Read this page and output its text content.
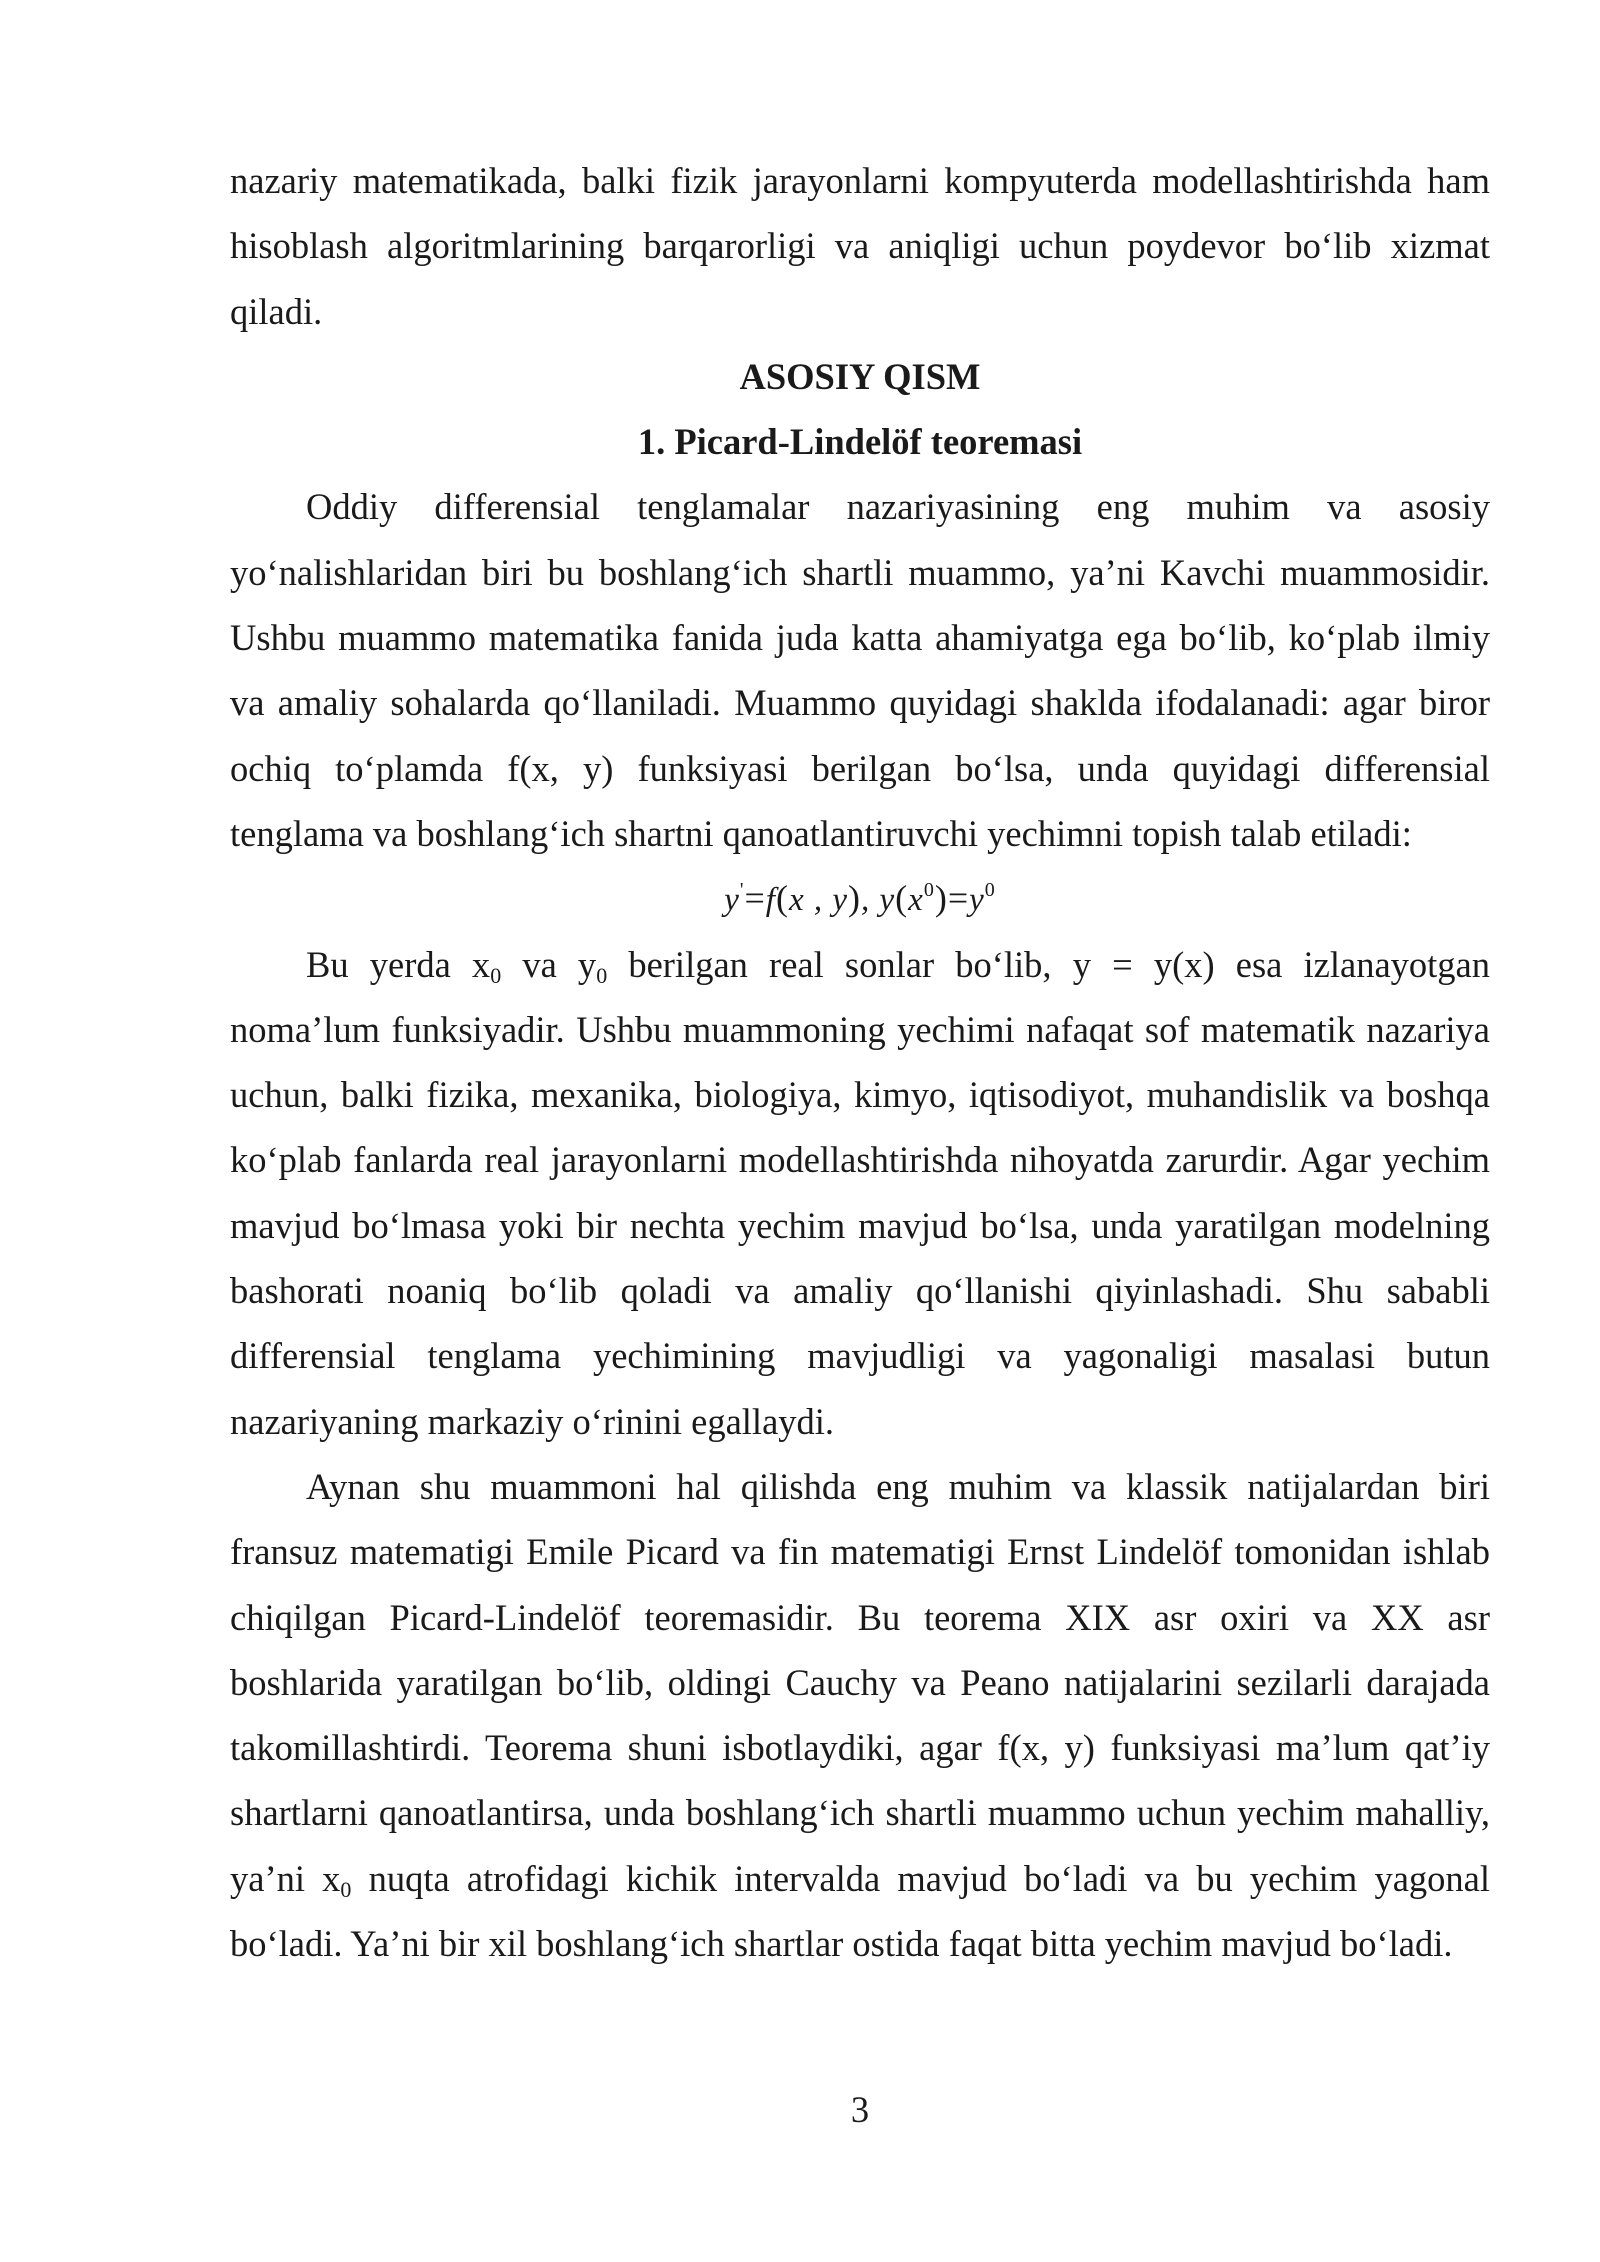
nazariy matematikada, balki fizik jarayonlarni kompyuterda modellashtirishda ham hisoblash algoritmlarining barqarorligi va aniqligi uchun poydevor bo‘lib xizmat qiladi.

ASOSIY QISM

1. Picard-Lindelöf teoremasi

Oddiy differensial tenglamalar nazariyasining eng muhim va asosiy yo‘nalishlaridan biri bu boshlang‘ich shartli muammo, ya’ni Kavchi muammosidir. Ushbu muammo matematika fanida juda katta ahamiyatga ega bo‘lib, ko‘plab ilmiy va amaliy sohalarda qo‘llaniladi. Muammo quyidagi shaklda ifodalanadi: agar biror ochiq to‘plamda f(x, y) funksiyasi berilgan bo‘lsa, unda quyidagi differensial tenglama va boshlang‘ich shartni qanoatlantiruvchi yechimni topish talab etiladi:

y'=f(x , y), $y(x^0)=y^0$

Bu yerda $x_0$ va $y_0$ berilgan real sonlar bo‘lib, y = y(x) esa izlanayotgan noma’lum funksiyadir. Ushbu muammoning yechimi nafaqat sof matematik nazariya uchun, balki fizika, mexanika, biologiya, kimyo, iqtisodiyot, muhandislik va boshqa ko‘plab fanlarda real jarayonlarni modellashtirishda nihoyatda zarurdir. Agar yechim mavjud bo‘lmasa yoki bir nechta yechim mavjud bo‘lsa, unda yaratilgan modelning bashorati noaniq bo‘lib qoladi va amaliy qo‘llanishi qiyinlashadi. Shu sababli differensial tenglama yechimining mavjudligi va yagonaligi masalasi butun nazariyaning markaziy o‘rinini egallaydi.

Aynan shu muammoni hal qilishda eng muhim va klassik natijalardan biri fransuz matematigi Emile Picard va fin matematigi Ernst Lindelöf tomonidan ishlab chiqilgan Picard-Lindelöf teoremasidir. Bu teorema XIX asr oxiri va XX asr boshlarida yaratilgan bo‘lib, oldingi Cauchy va Peano natijalarini sezilarli darajada takomillashtirdi. Teorema shuni isbotlaydiki, agar f(x, y) funksiyasi ma’lum qat’iy shartlarni qanoatlantirsa, unda boshlang‘ich shartli muammo uchun yechim mahalliy, ya’ni $x_0$ nuqta atrofidagi kichik intervalda mavjud bo‘ladi va bu yechim yagonal bo‘ladi. Ya’ni bir xil boshlang‘ich shartlar ostida faqat bitta yechim mavjud bo‘ladi.

3
